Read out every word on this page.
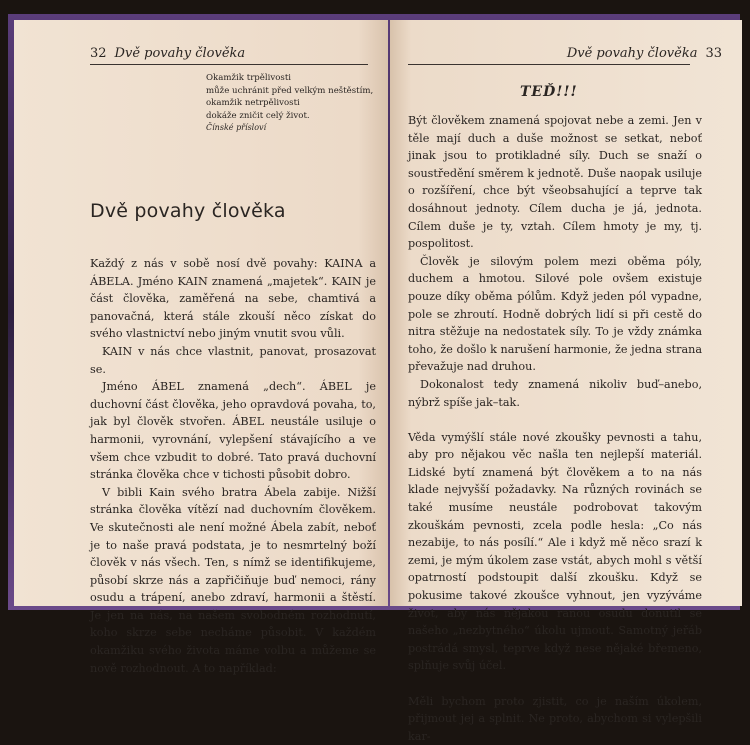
32 Dvě povahy člověka
Okamžik trpělivosti
může uchránit před velkým neštěstím,
okamžik netrpělivosti
dokáže zničit celý život.
Čínské přísloví
Dvě povahy člověka

Každý z nás v sobě nosí dvě povahy: KAINA a ÁBELA. Jméno KAIN znamená „majetek“. KAIN je část člověka, zaměřená na sebe, chamtivá a panovačná, která stále zkouší něco získat do svého vlastnictví nebo jiným vnutit svou vůli.

KAIN v nás chce vlastnit, panovat, prosazovat se.

Jméno ÁBEL znamená „dech“. ÁBEL je duchovní část člověka, jeho opravdová povaha, to, jak byl člověk stvořen. ÁBEL neustále usiluje o harmonii, vyrovnání, vylepšení stávajícího a ve všem chce vzbudit to dobré. Tato pravá duchovní stránka člověka chce v tichosti působit dobro.

V bibli Kain svého bratra Ábela zabije. Nižší stránka člověka vítězí nad duchovním člověkem. Ve skutečnosti ale není možné Ábela zabít, neboť je to naše pravá podstata, je to nesmrtelný boží člověk v nás všech. Ten, s nímž se identifikujeme, působí skrze nás a zapřičiňuje buď nemoci, rány osudu a trápení, anebo zdraví, harmonii a štěstí. Je jen na nás, na našem svobodném rozhodnutí, koho skrze sebe necháme působit. V každém okamžiku svého života máme volbu a můžeme se nově rozhodnout. A to například:

Dvě povahy člověka 33
TEĎ!!!

Být člověkem znamená spojovat nebe a zemi. Jen v těle mají duch a duše možnost se setkat, neboť jinak jsou to protikladné síly. Duch se snaží o soustředění směrem k jednotě. Duše naopak usiluje o rozšíření, chce být všeobsahující a teprve tak dosáhnout jednoty. Cílem ducha je já, jednota. Cílem duše je ty, vztah. Cílem hmoty je my, tj. pospolitost.

Člověk je silovým polem mezi oběma póly, duchem a hmotou. Silové pole ovšem existuje pouze díky oběma pólům. Když jeden pól vypadne, pole se zhroutí. Hodně dobrých lidí si při cestě do nitra stěžuje na nedostatek síly. To je vždy známka toho, že došlo k narušení harmonie, že jedna strana převažuje nad druhou.

Dokonalost tedy znamená nikoliv buď–anebo, nýbrž spíše jak–tak.

Věda vymýšlí stále nové zkoušky pevnosti a tahu, aby pro nějakou věc našla ten nejlepší materiál. Lidské bytí znamená být člověkem a to na nás klade nejvyšší požadavky. Na různých rovinách se také musíme neustále podrobovat takovým zkouškám pevnosti, zcela podle hesla: „Co nás nezabije, to nás posílí.“ Ale i když mě něco srazí k zemi, je mým úkolem zase vstát, abych mohl s větší opatrností podstoupit další zkoušku. Když se pokusime takové zkoušce vyhnout, jen vyzýváme život, aby nás nějakou ranou osudu donutil se našeho „nezbytného“ úkolu ujmout. Samotný jeřáb postrádá smysl, teprve když nese nějaké břemeno, splňuje svůj účel.

Měli bychom proto zjistit, co je naším úkolem, přijmout jej a splnit. Ne proto, abychom si vylepšili kar-
